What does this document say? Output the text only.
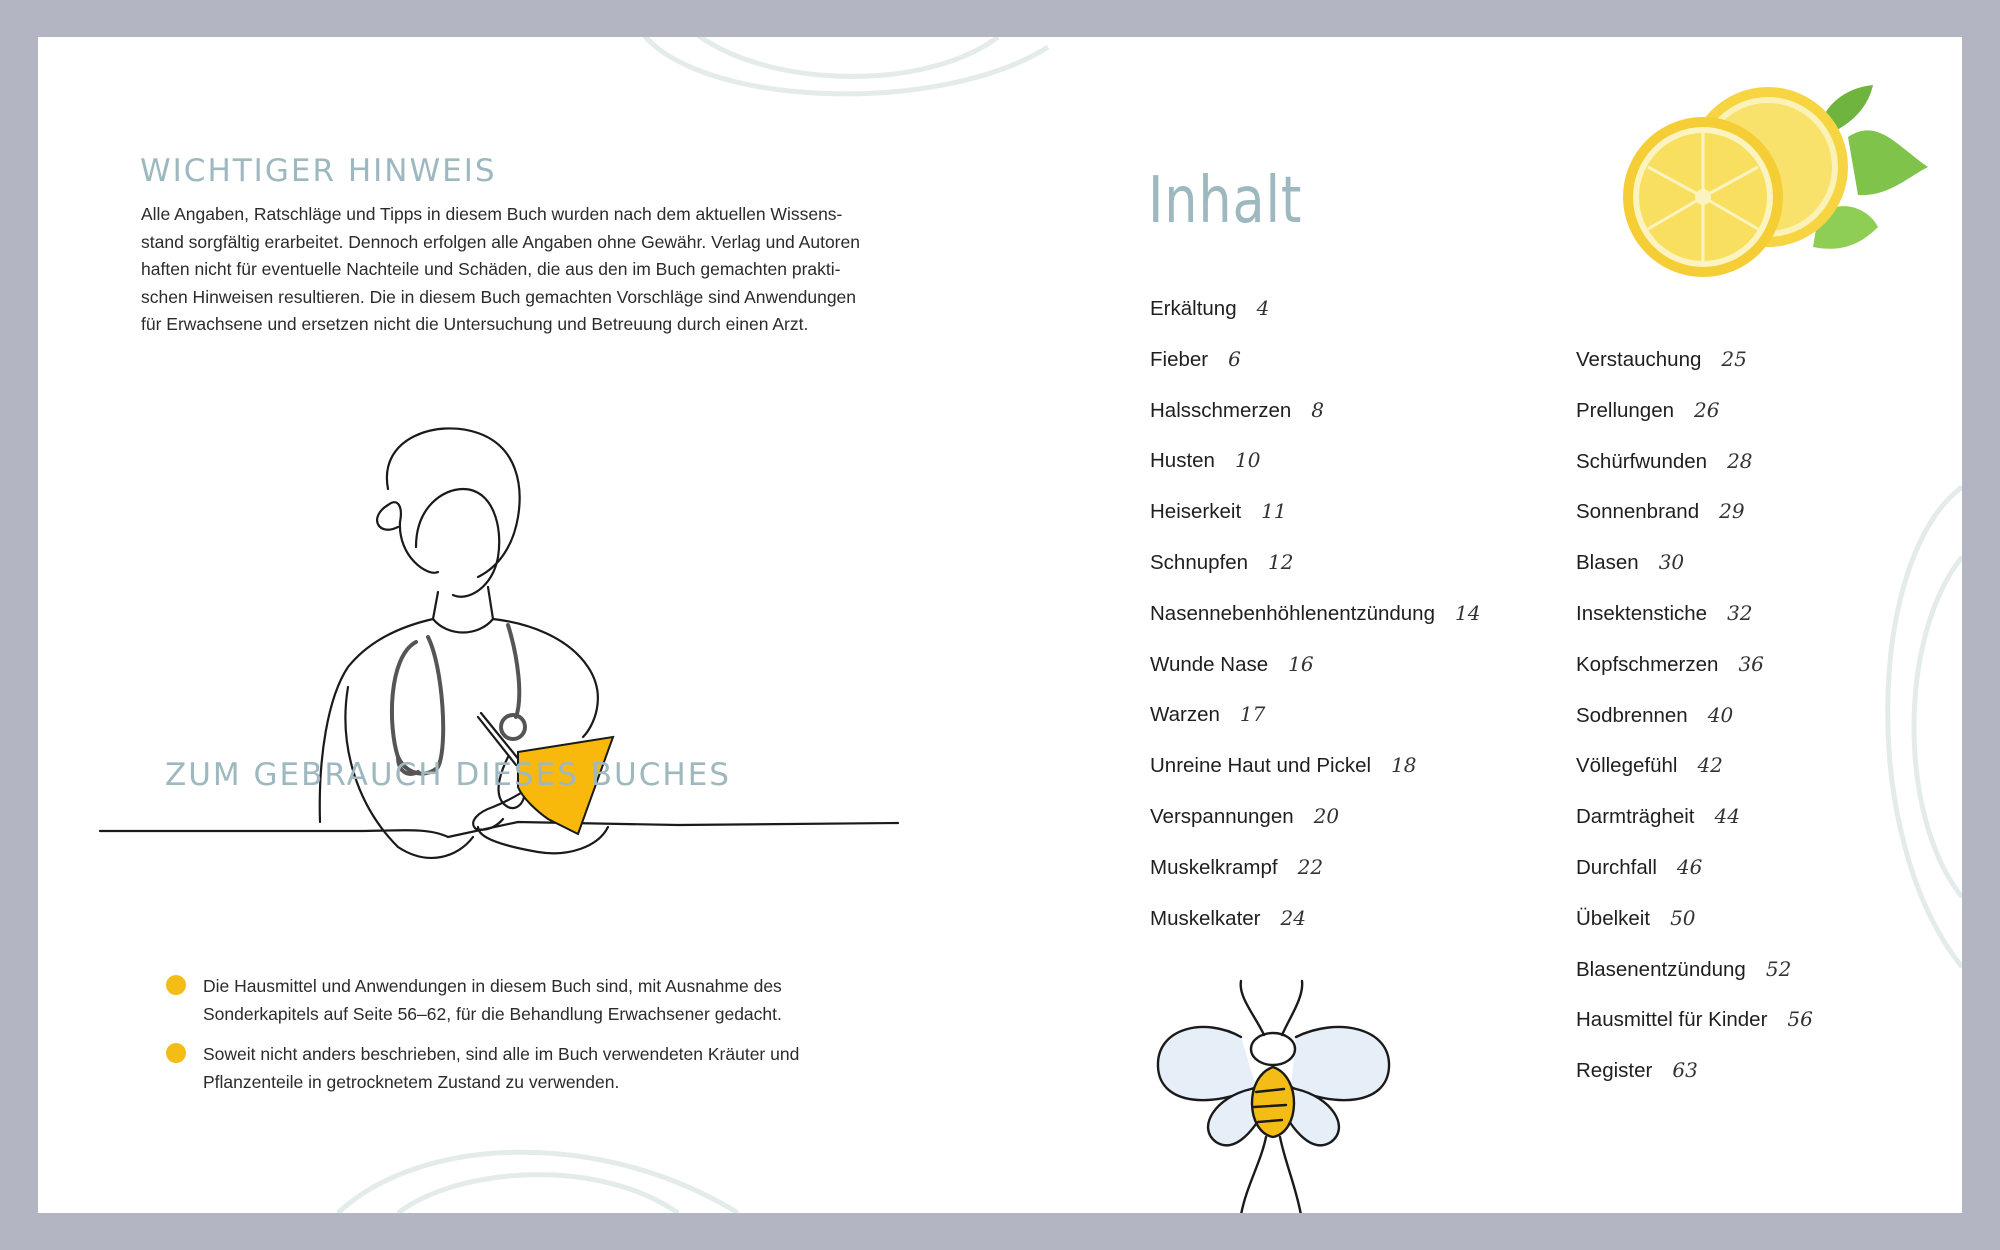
WICHTIGER HINWEIS
Alle Angaben, Ratschläge und Tipps in diesem Buch wurden nach dem aktuellen Wissens-
stand sorgfältig erarbeitet. Dennoch erfolgen alle Angaben ohne Gewähr. Verlag und Autoren
haften nicht für eventuelle Nachteile und Schäden, die aus den im Buch gemachten prakti-
schen Hinweisen resultieren. Die in diesem Buch gemachten Vorschläge sind Anwendungen
für Erwachsene und ersetzen nicht die Untersuchung und Betreuung durch einen Arzt.
ZUM GEBRAUCH DIESES BUCHES
Die Hausmittel und Anwendungen in diesem Buch sind, mit Ausnahme des
Sonderkapitels auf Seite 56–62, für die Behandlung Erwachsener gedacht.
Soweit nicht anders beschrieben, sind alle im Buch verwendeten Kräuter und
Pflanzenteile in getrocknetem Zustand zu verwenden.
Inhalt
Erkältung 4
Fieber 6
Halsschmerzen 8
Husten 10
Heiserkeit 11
Schnupfen 12
Nasennebenhöhlenentzündung 14
Wunde Nase 16
Warzen 17
Unreine Haut und Pickel 18
Verspannungen 20
Muskelkrampf 22
Muskelkater 24
Verstauchung 25
Prellungen 26
Schürfwunden 28
Sonnenbrand 29
Blasen 30
Insektenstiche 32
Kopfschmerzen 36
Sodbrennen 40
Völlegefühl 42
Darmträgheit 44
Durchfall 46
Übelkeit 50
Blasenentzündung 52
Hausmittel für Kinder 56
Register 63
